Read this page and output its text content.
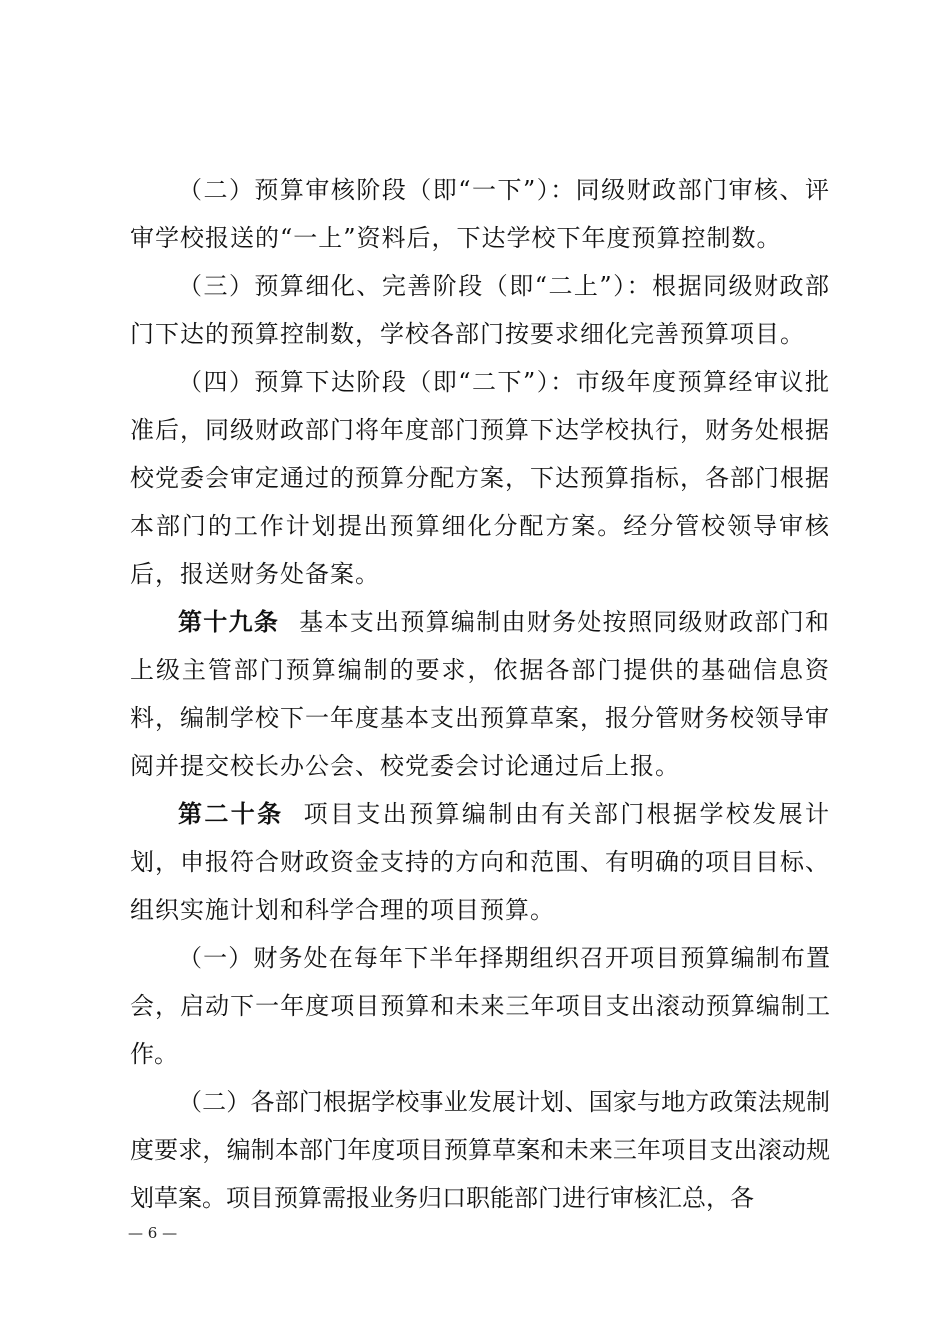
（二）预算审核阶段（即“一下”）：同级财政部门审核、评审学校报送的“一上”资料后，下达学校下年度预算控制数。

（三）预算细化、完善阶段（即“二上”）：根据同级财政部门下达的预算控制数，学校各部门按要求细化完善预算项目。

（四）预算下达阶段（即“二下”）：市级年度预算经审议批准后，同级财政部门将年度部门预算下达学校执行，财务处根据校党委会审定通过的预算分配方案，下达预算指标，各部门根据本部门的工作计划提出预算细化分配方案。经分管校领导审核后，报送财务处备案。

第十九条 基本支出预算编制由财务处按照同级财政部门和上级主管部门预算编制的要求，依据各部门提供的基础信息资料，编制学校下一年度基本支出预算草案，报分管财务校领导审阅并提交校长办公会、校党委会讨论通过后上报。

第二十条 项目支出预算编制由有关部门根据学校发展计划，申报符合财政资金支持的方向和范围、有明确的项目目标、组织实施计划和科学合理的项目预算。

（一）财务处在每年下半年择期组织召开项目预算编制布置会，启动下一年度项目预算和未来三年项目支出滚动预算编制工作。

（二）各部门根据学校事业发展计划、国家与地方政策法规制度要求，编制本部门年度项目预算草案和未来三年项目支出滚动规划草案。项目预算需报业务归口职能部门进行审核汇总，各

— 6 —
